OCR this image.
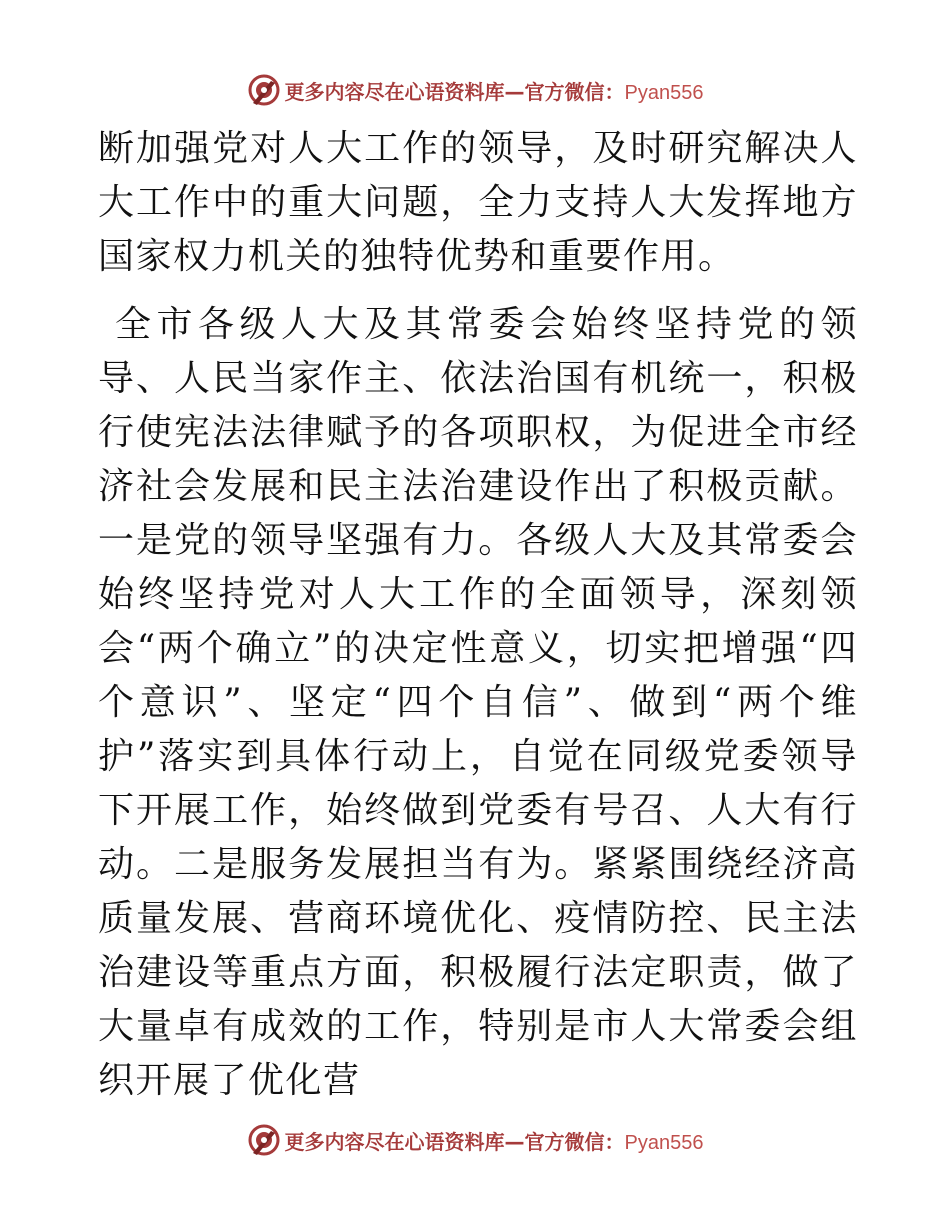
更多内容尽在心语资料库—官方微信：Pyan556

断加强党对人大工作的领导，及时研究解决人大工作中的重大问题，全力支持人大发挥地方国家权力机关的独特优势和重要作用。

全市各级人大及其常委会始终坚持党的领导、人民当家作主、依法治国有机统一，积极行使宪法法律赋予的各项职权，为促进全市经济社会发展和民主法治建设作出了积极贡献。一是党的领导坚强有力。各级人大及其常委会始终坚持党对人大工作的全面领导，深刻领会“两个确立”的决定性意义，切实把增强“四个意识”、坚定“四个自信”、做到“两个维护”落实到具体行动上，自觉在同级党委领导下开展工作，始终做到党委有号召、人大有行动。二是服务发展担当有为。紧紧围绕经济高质量发展、营商环境优化、疫情防控、民主法治建设等重点方面，积极履行法定职责，做了大量卓有成效的工作，特别是市人大常委会组织开展了优化营

更多内容尽在心语资料库—官方微信：Pyan556
